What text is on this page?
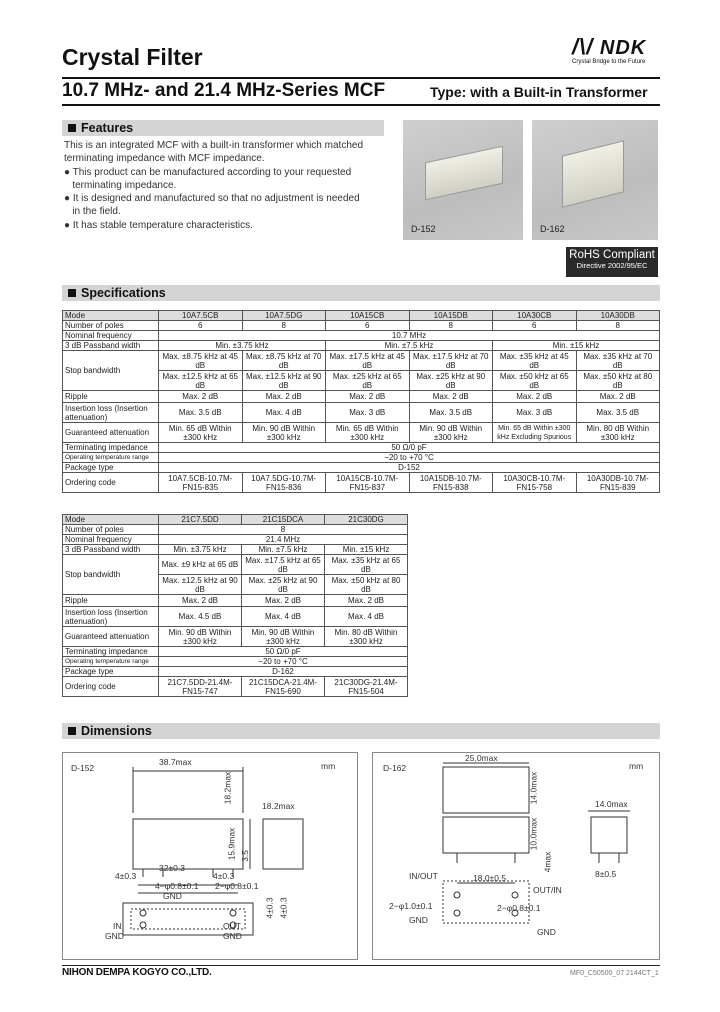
Crystal Filter	/\/ NDK
Crystal Bridge to the Future
10.7 MHz- and 21.4 MHz-Series MCF	Type: with a Built-in Transformer
Features
This is an integrated MCF with a built-in transformer which matched
terminating impedance with MCF impedance.
● This product can be manufactured according to your requested
terminating impedance.
● It is designed and manufactured so that no adjustment is needed
in the field.
● It has stable temperature characteristics.	D-152	D-162
RoHS Compliant
Directive 2002/95/EC
Specifications
Mode	10A7.5CB	10A7.5DG	10A15CB	10A15DB	10A30CB	10A30DB
Number of poles	6	8	6	8	6	8
Nominal frequency	10.7 MHz					
3 dB Passband width	Min. ±3.75 kHz		Min. ±7.5 kHz		Min. ±15 kHz	
Stop bandwidth	Max. ±8.75 kHz at 45 dB	Max. ±8.75 kHz at 70 dB	Max. ±17.5 kHz at 45 dB	Max. ±17.5 kHz at 70 dB	Max. ±35 kHz at 45 dB	Max. ±35 kHz at 70 dB
	Max. ±12.5 kHz at 65 dB	Max. ±12.5 kHz at 90 dB	Max. ±25 kHz at 65 dB	Max. ±25 kHz at 90 dB	Max. ±50 kHz at 65 dB	Max. ±50 kHz at 80 dB
Ripple	Max. 2 dB	Max. 2 dB	Max. 2 dB	Max. 2 dB	Max. 2 dB	Max. 2 dB
Insertion loss (Insertion attenuation)	Max. 3.5 dB	Max. 4 dB	Max. 3 dB	Max. 3.5 dB	Max. 3 dB	Max. 3.5 dB
Guaranteed attenuation	Min. 65 dB Within ±300 kHz	Min. 90 dB Within ±300 kHz	Min. 65 dB Within ±300 kHz	Min. 90 dB Within ±300 kHz	Min. 65 dB Within ±300 kHz Excluding Spurious	Min. 80 dB Within ±300 kHz
Terminating impedance	50 Ω/0 pF					
Operating temperature range	−20 to +70 °C					
Package type	D-152					
Ordering code	10A7.5CB-10.7M-FN15-835	10A7.5DG-10.7M-FN15-836	10A15CB-10.7M-FN15-837	10A15DB-10.7M-FN15-838	10A30CB-10.7M-FN15-758	10A30DB-10.7M-FN15-839
Mode	21C7.5DD	21C15DCA	21C30DG
Number of poles	8		
Nominal frequency	21.4 MHz		
3 dB Passband width	Min. ±3.75 kHz	Min. ±7.5 kHz	Min. ±15 kHz
Stop bandwidth	Max. ±9 kHz at 65 dB	Max. ±17.5 kHz at 65 dB	Max. ±35 kHz at 65 dB
	Max. ±12.5 kHz at 90 dB	Max. ±25 kHz at 90 dB	Max. ±50 kHz at 80 dB
Ripple	Max. 2 dB	Max. 2 dB	Max. 2 dB
Insertion loss (Insertion attenuation)	Max. 4.5 dB	Max. 4 dB	Max. 4 dB
Guaranteed attenuation	Min. 90 dB Within ±300 kHz	Min. 90 dB Within ±300 kHz	Min. 80 dB Within ±300 kHz
Terminating impedance	50 Ω/0 pF		
Operating temperature range	−20 to +70 °C		
Package type	D-162		
Ordering code	21C7.5DD-21.4M-FN15-747	21C15DCA-21.4M-FN15-690	21C30DG-21.4M-FN15-504
Dimensions
D-152	mm
38.7max
18.2max
18.2max
15.9max 3.5
32±0.3
4±0.3
4−φ0.8±0.1
4±0.3
2−φ0.8±0.1
4±0.3 4±0.3
GND
IN
GND
OUT
GND
D-162	mm
25.0max
14.0max	14.0max
10.0max
4max
18.0±0.5
2−φ0.8±0.1
2−φ1.0±0.1
8±0.5
IN/OUT
OUT/IN
GND
GND
NIHON DEMPA KOGYO CO.,LTD.	MF0_C50500_07 2144CT_1
